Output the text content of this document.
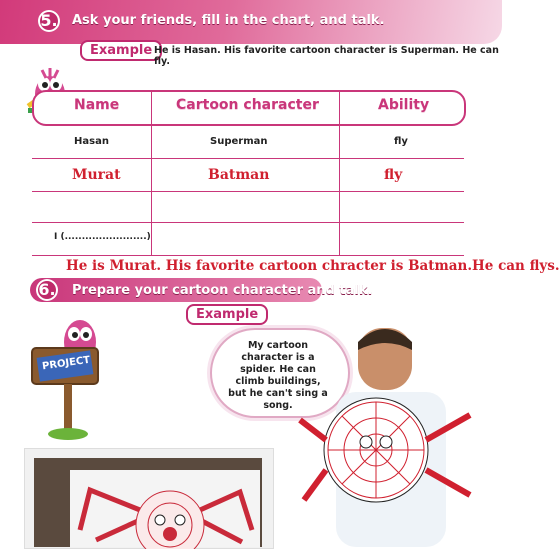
5. Ask your friends, fill in the chart, and talk.
Example He is Hasan. His favorite cartoon character is Superman. He can fly.
Name	Cartoon character	Ability
Hasan	Superman	fly
Murat	Batman	fly
I (........................)
He is Murat. His favorite cartoon chracter is Batman.He can flys.
6. Prepare your cartoon character and talk.
Example
PROJECT
My cartoon character is a spider. He can climb buildings, but he can't sing a song.
